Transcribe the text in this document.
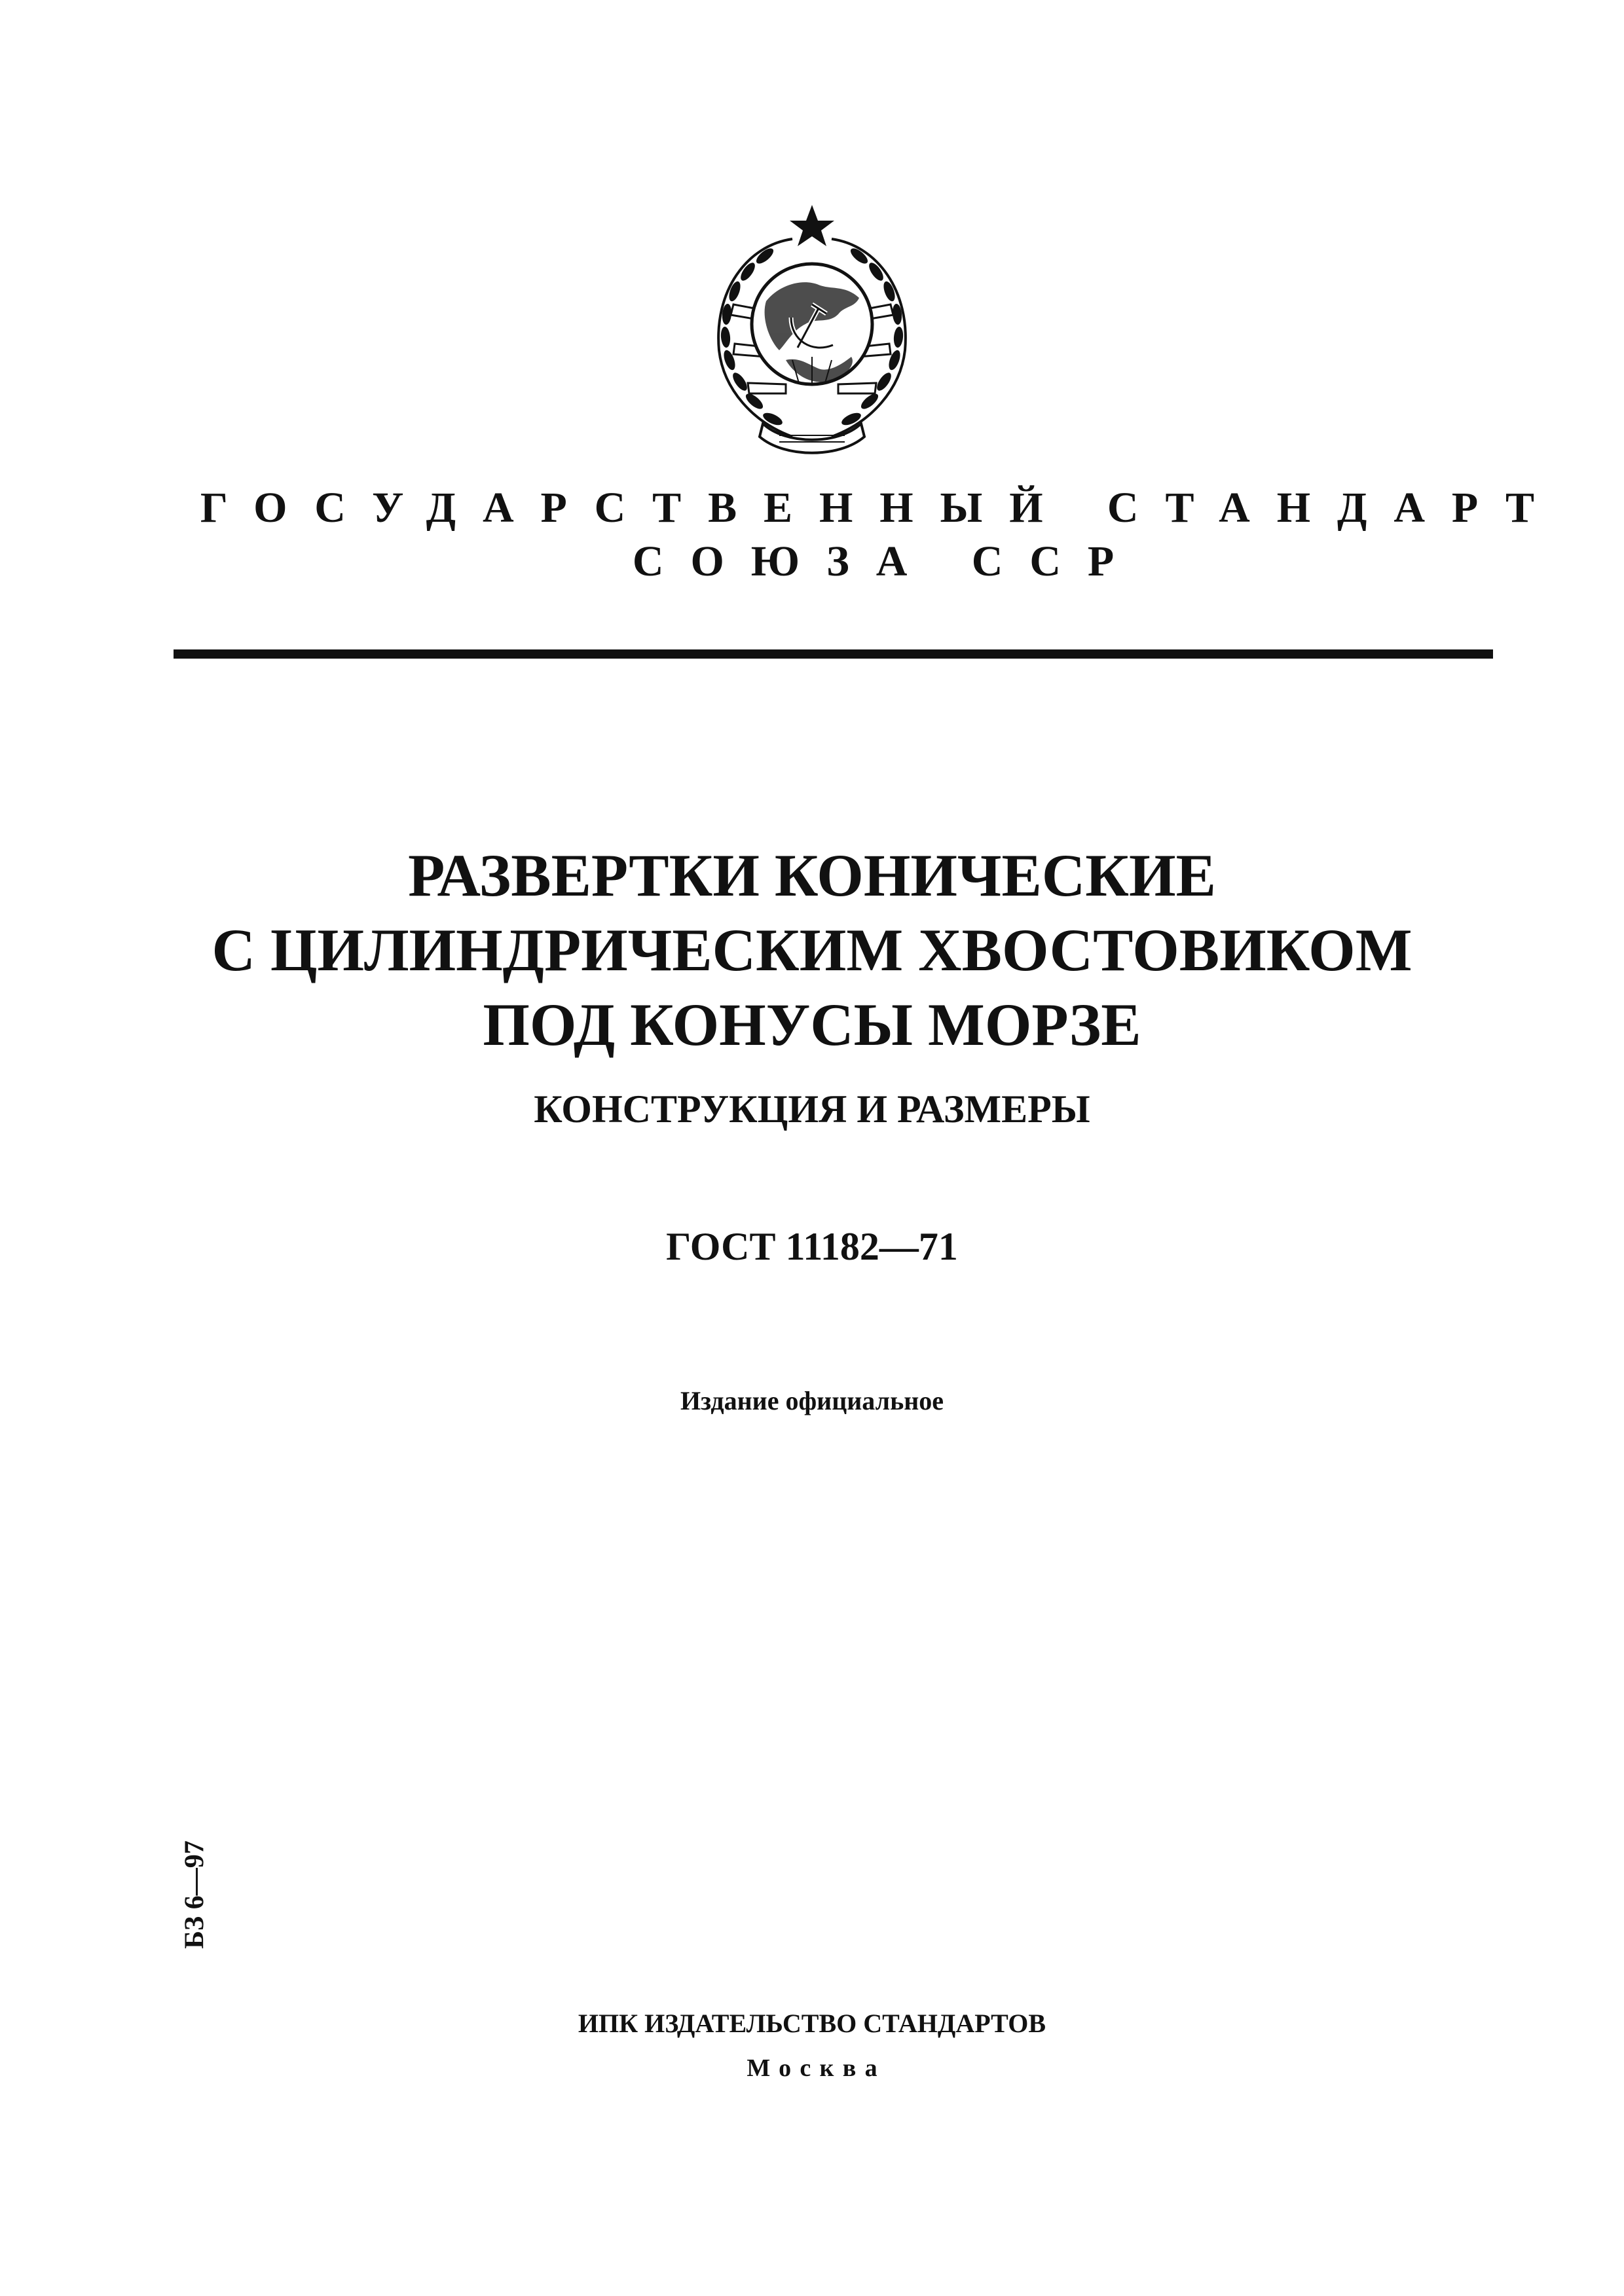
ГОСУДАРСТВЕННЫЙ СТАНДАРТ
СОЮЗА ССР
РАЗВЕРТКИ КОНИЧЕСКИЕ
С ЦИЛИНДРИЧЕСКИМ ХВОСТОВИКОМ
ПОД КОНУСЫ МОРЗЕ
КОНСТРУКЦИЯ И РАЗМЕРЫ
ГОСТ 11182—71
Издание официальное
БЗ 6—97
ИПК ИЗДАТЕЛЬСТВО СТАНДАРТОВ
Москва
